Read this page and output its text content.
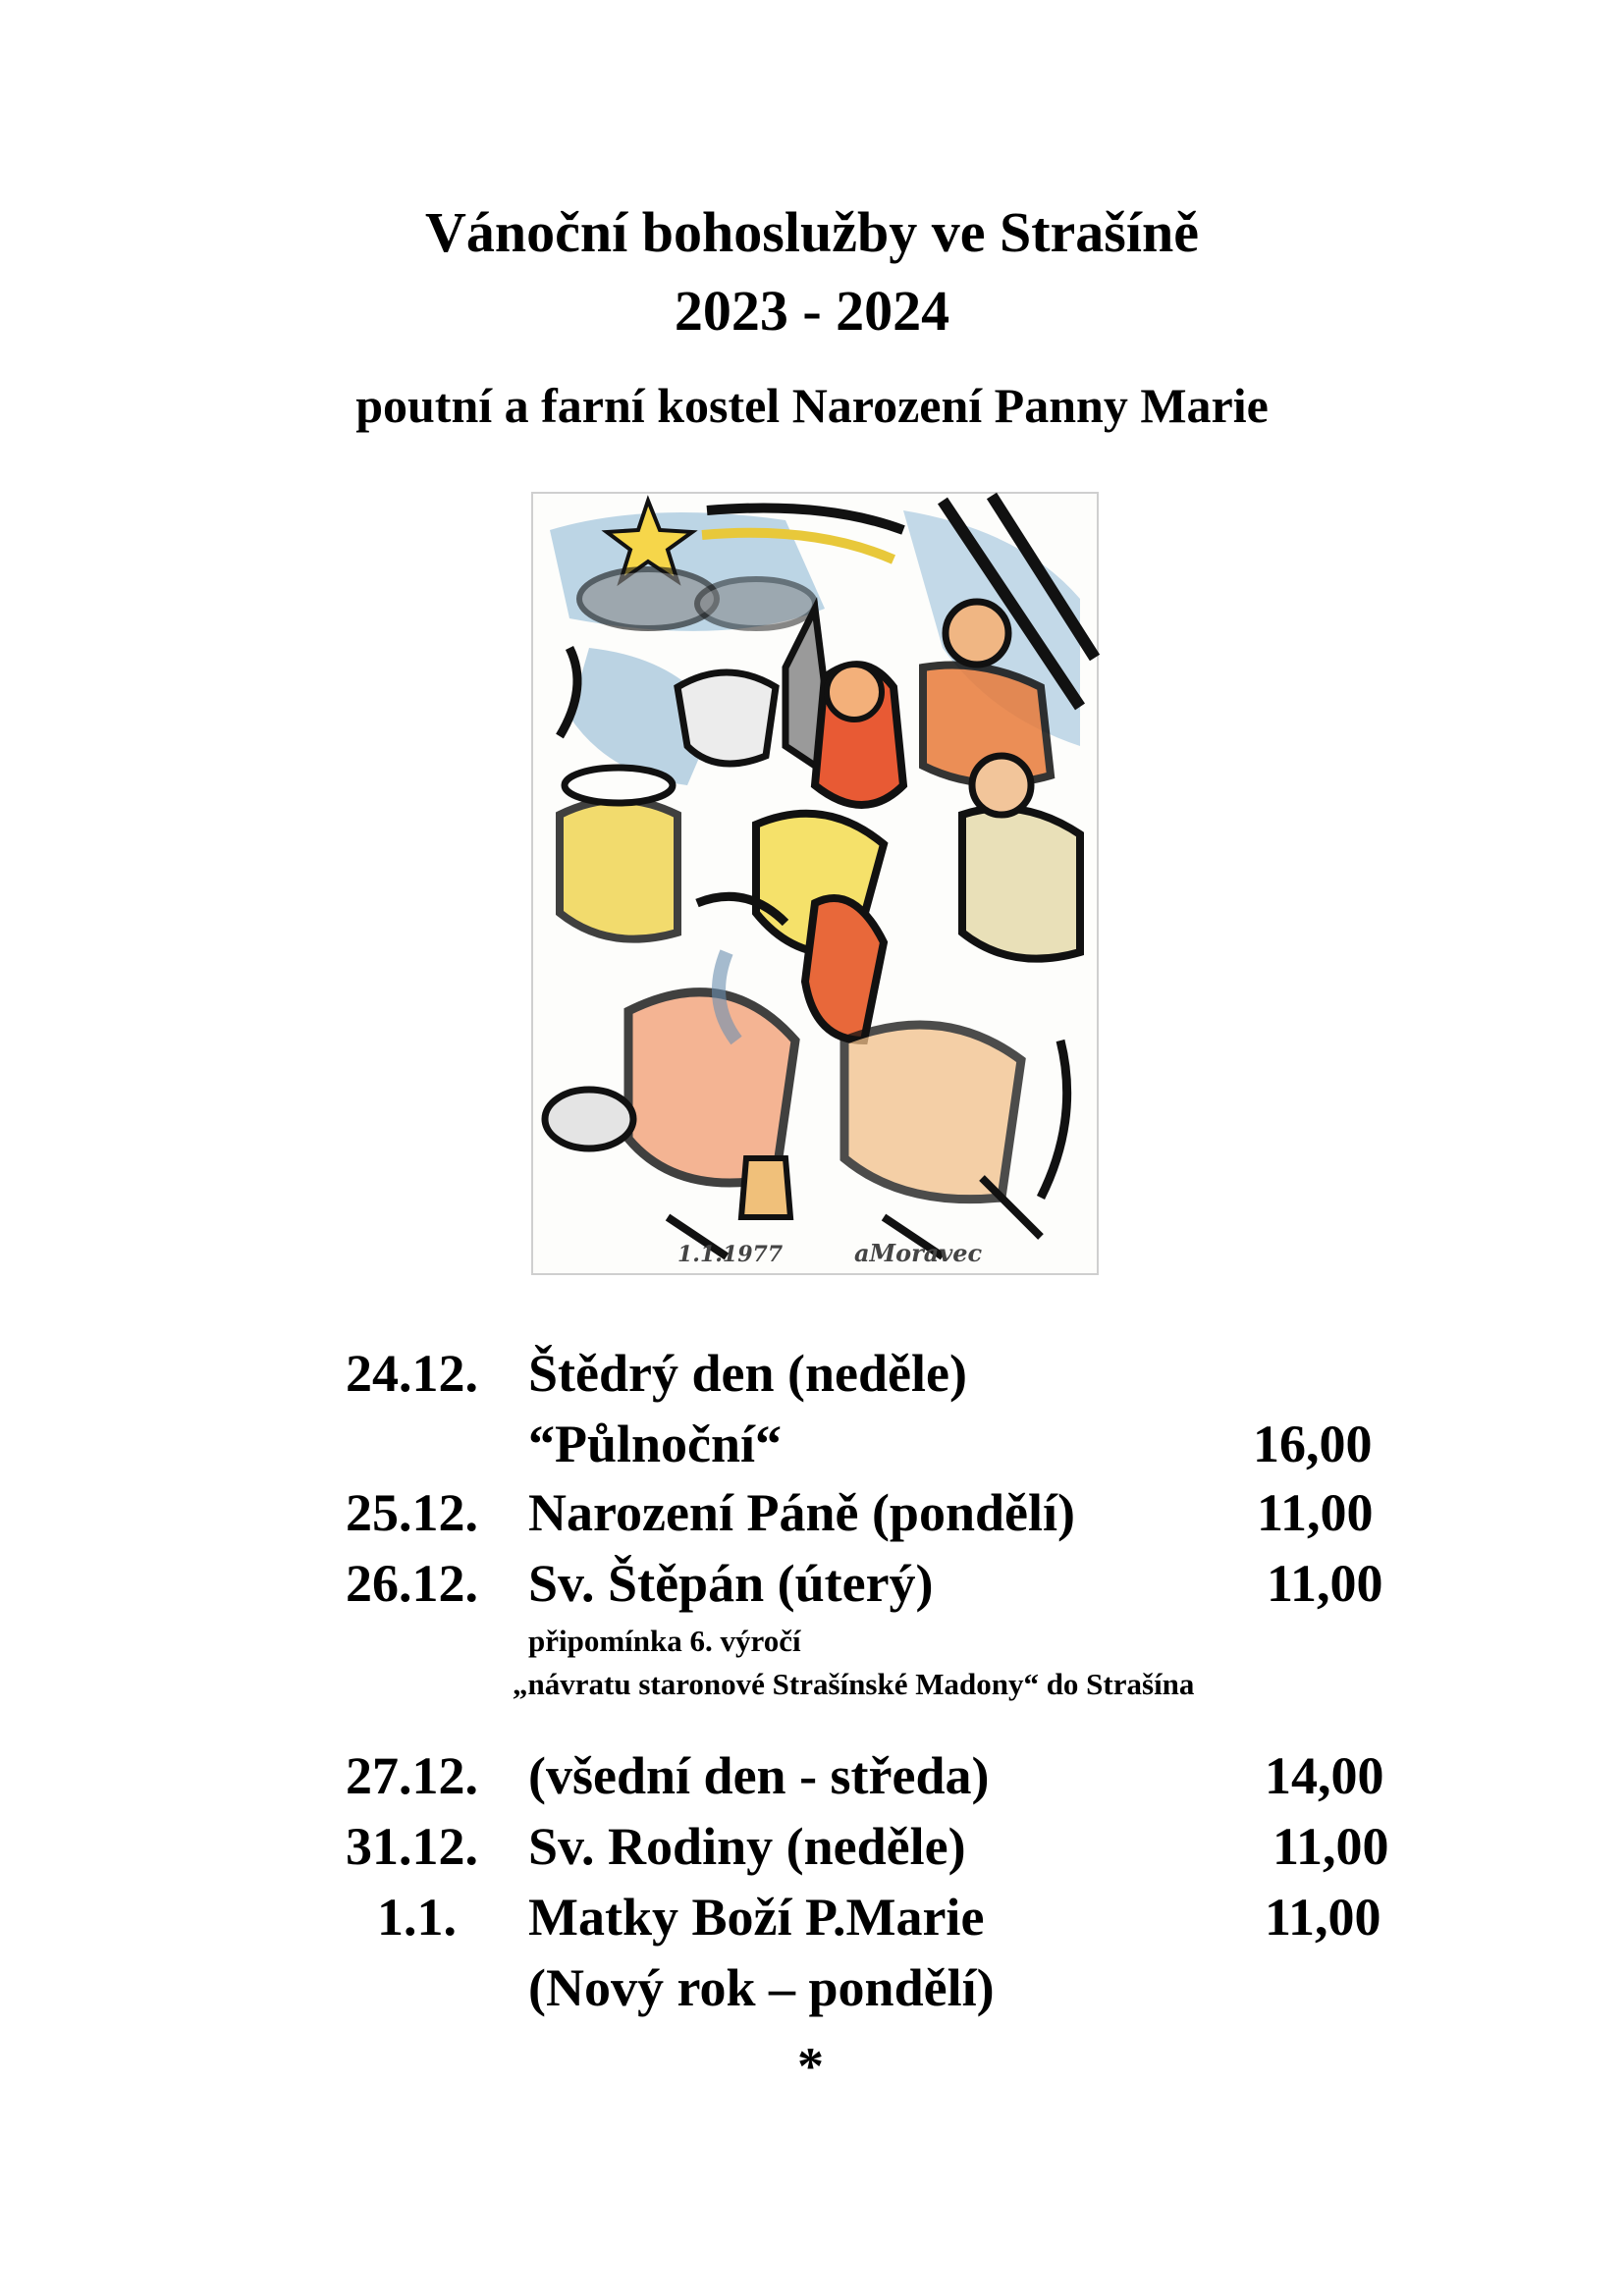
Vánoční bohoslužby ve Strašíně
2023 - 2024
poutní a farní kostel Narození Panny Marie
1.1.1977	aMoravec
24.12. Štědrý den (neděle)
“Půlnoční“	16,00
25.12. Narození Páně (pondělí)	11,00
26.12. Sv. Štěpán (úterý)	11,00
připomínka 6. výročí
„návratu staronové Strašínské Madony“ do Strašína
27.12. (všední den - středa)	14,00
31.12. Sv. Rodiny (neděle)	11,00
1.1. Matky Boží P.Marie	11,00
(Nový rok – pondělí)
*
